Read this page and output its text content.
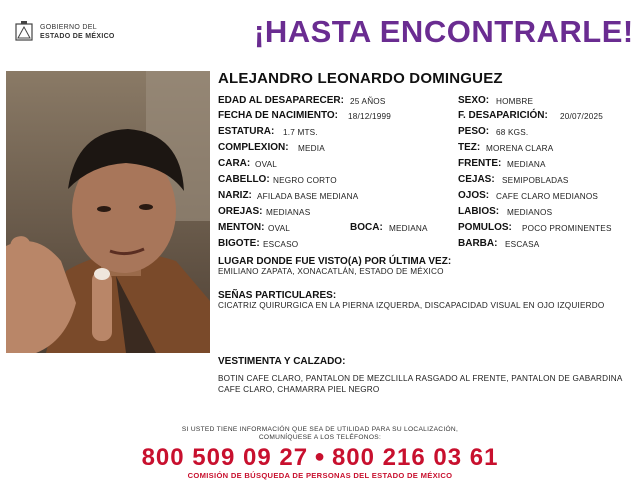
GOBIERNO DEL
ESTADO DE MÉXICO	¡HASTA ENCONTRARLE!
ALEJANDRO LEONARDO DOMINGUEZ
EDAD AL DESAPARECER: 25 AÑOS	SEXO: HOMBRE
FECHA DE NACIMIENTO: 18/12/1999	F. DESAPARICIÓN: 20/07/2025
ESTATURA: 1.7 MTS.	PESO: 68 KGS.
COMPLEXION: MEDIA	TEZ: MORENA CLARA
CARA: OVAL	FRENTE: MEDIANA
CABELLO: NEGRO CORTO	CEJAS: SEMIPOBLADAS
NARIZ: AFILADA BASE MEDIANA	OJOS: CAFE CLARO MEDIANOS
OREJAS: MEDIANAS	LABIOS: MEDIANOS
MENTON: OVAL	BOCA: MEDIANA	POMULOS: POCO PROMINENTES
BIGOTE: ESCASO	BARBA: ESCASA
LUGAR DONDE FUE VISTO(A) POR ÚLTIMA VEZ:
EMILIANO ZAPATA, XONACATLÁN, ESTADO DE MÉXICO
SEÑAS PARTICULARES:
CICATRIZ QUIRURGICA EN LA PIERNA IZQUERDA, DISCAPACIDAD VISUAL EN OJO IZQUIERDO
VESTIMENTA Y CALZADO:
BOTIN CAFE CLARO, PANTALON DE MEZCLILLA RASGADO AL FRENTE, PANTALON DE GABARDINA CAFE CLARO, CHAMARRA PIEL NEGRO
SI USTED TIENE INFORMACIÓN QUE SEA DE UTILIDAD PARA SU LOCALIZACIÓN,
COMUNÍQUESE A LOS TELÉFONOS:
800 509 09 27 ● 800 216 03 61
COMISIÓN DE BÚSQUEDA DE PERSONAS DEL ESTADO DE MÉXICO
